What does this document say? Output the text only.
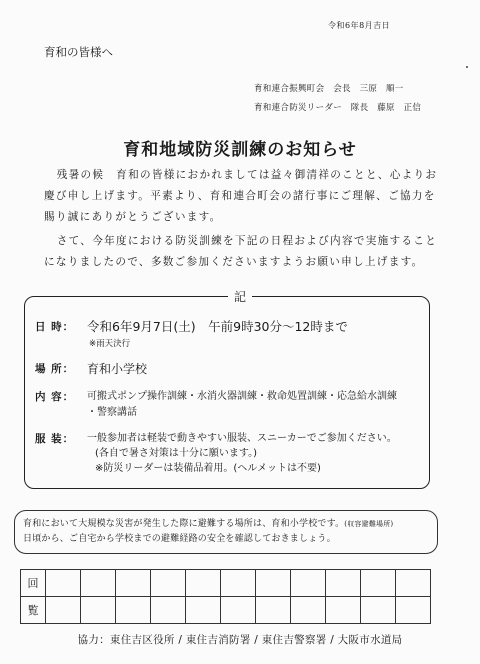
令和6年8月吉日
育和の皆様へ
育和連合振興町会　会長　三原　順一
育和連合防災リーダー　隊長　藤原　正信
育和地域防災訓練のお知らせ

残暑の候　育和の皆様におかれましては益々御清祥のことと、心よりお慶び申し上げます。平素より、育和連合町会の諸行事にご理解、ご協力を賜り誠にありがとうございます。

さて、今年度における防災訓練を下記の日程および内容で実施することになりましたので、多数ご参加くださいますようお願い申し上げます。

記
日 時： 令和6年9月7日(土)　午前9時30分～12時まで
※雨天決行
場 所： 育和小学校
内 容： 可搬式ポンプ操作訓練・水消火器訓練・救命処置訓練・応急給水訓練
・警察講話
服 装： 一般参加者は軽装で動きやすい服装、スニーカーでご参加ください。
(各自で暑さ対策は十分に願います。)
※防災リーダーは装備品着用。(ヘルメットは不要)
育和において大規模な災害が発生した際に避難する場所は、育和小学校です。(収容避難場所)
日頃から、ご自宅から学校までの避難経路の安全を確認しておきましょう。
回											
覧											
協力：東住吉区役所 / 東住吉消防署 / 東住吉警察署 / 大阪市水道局
